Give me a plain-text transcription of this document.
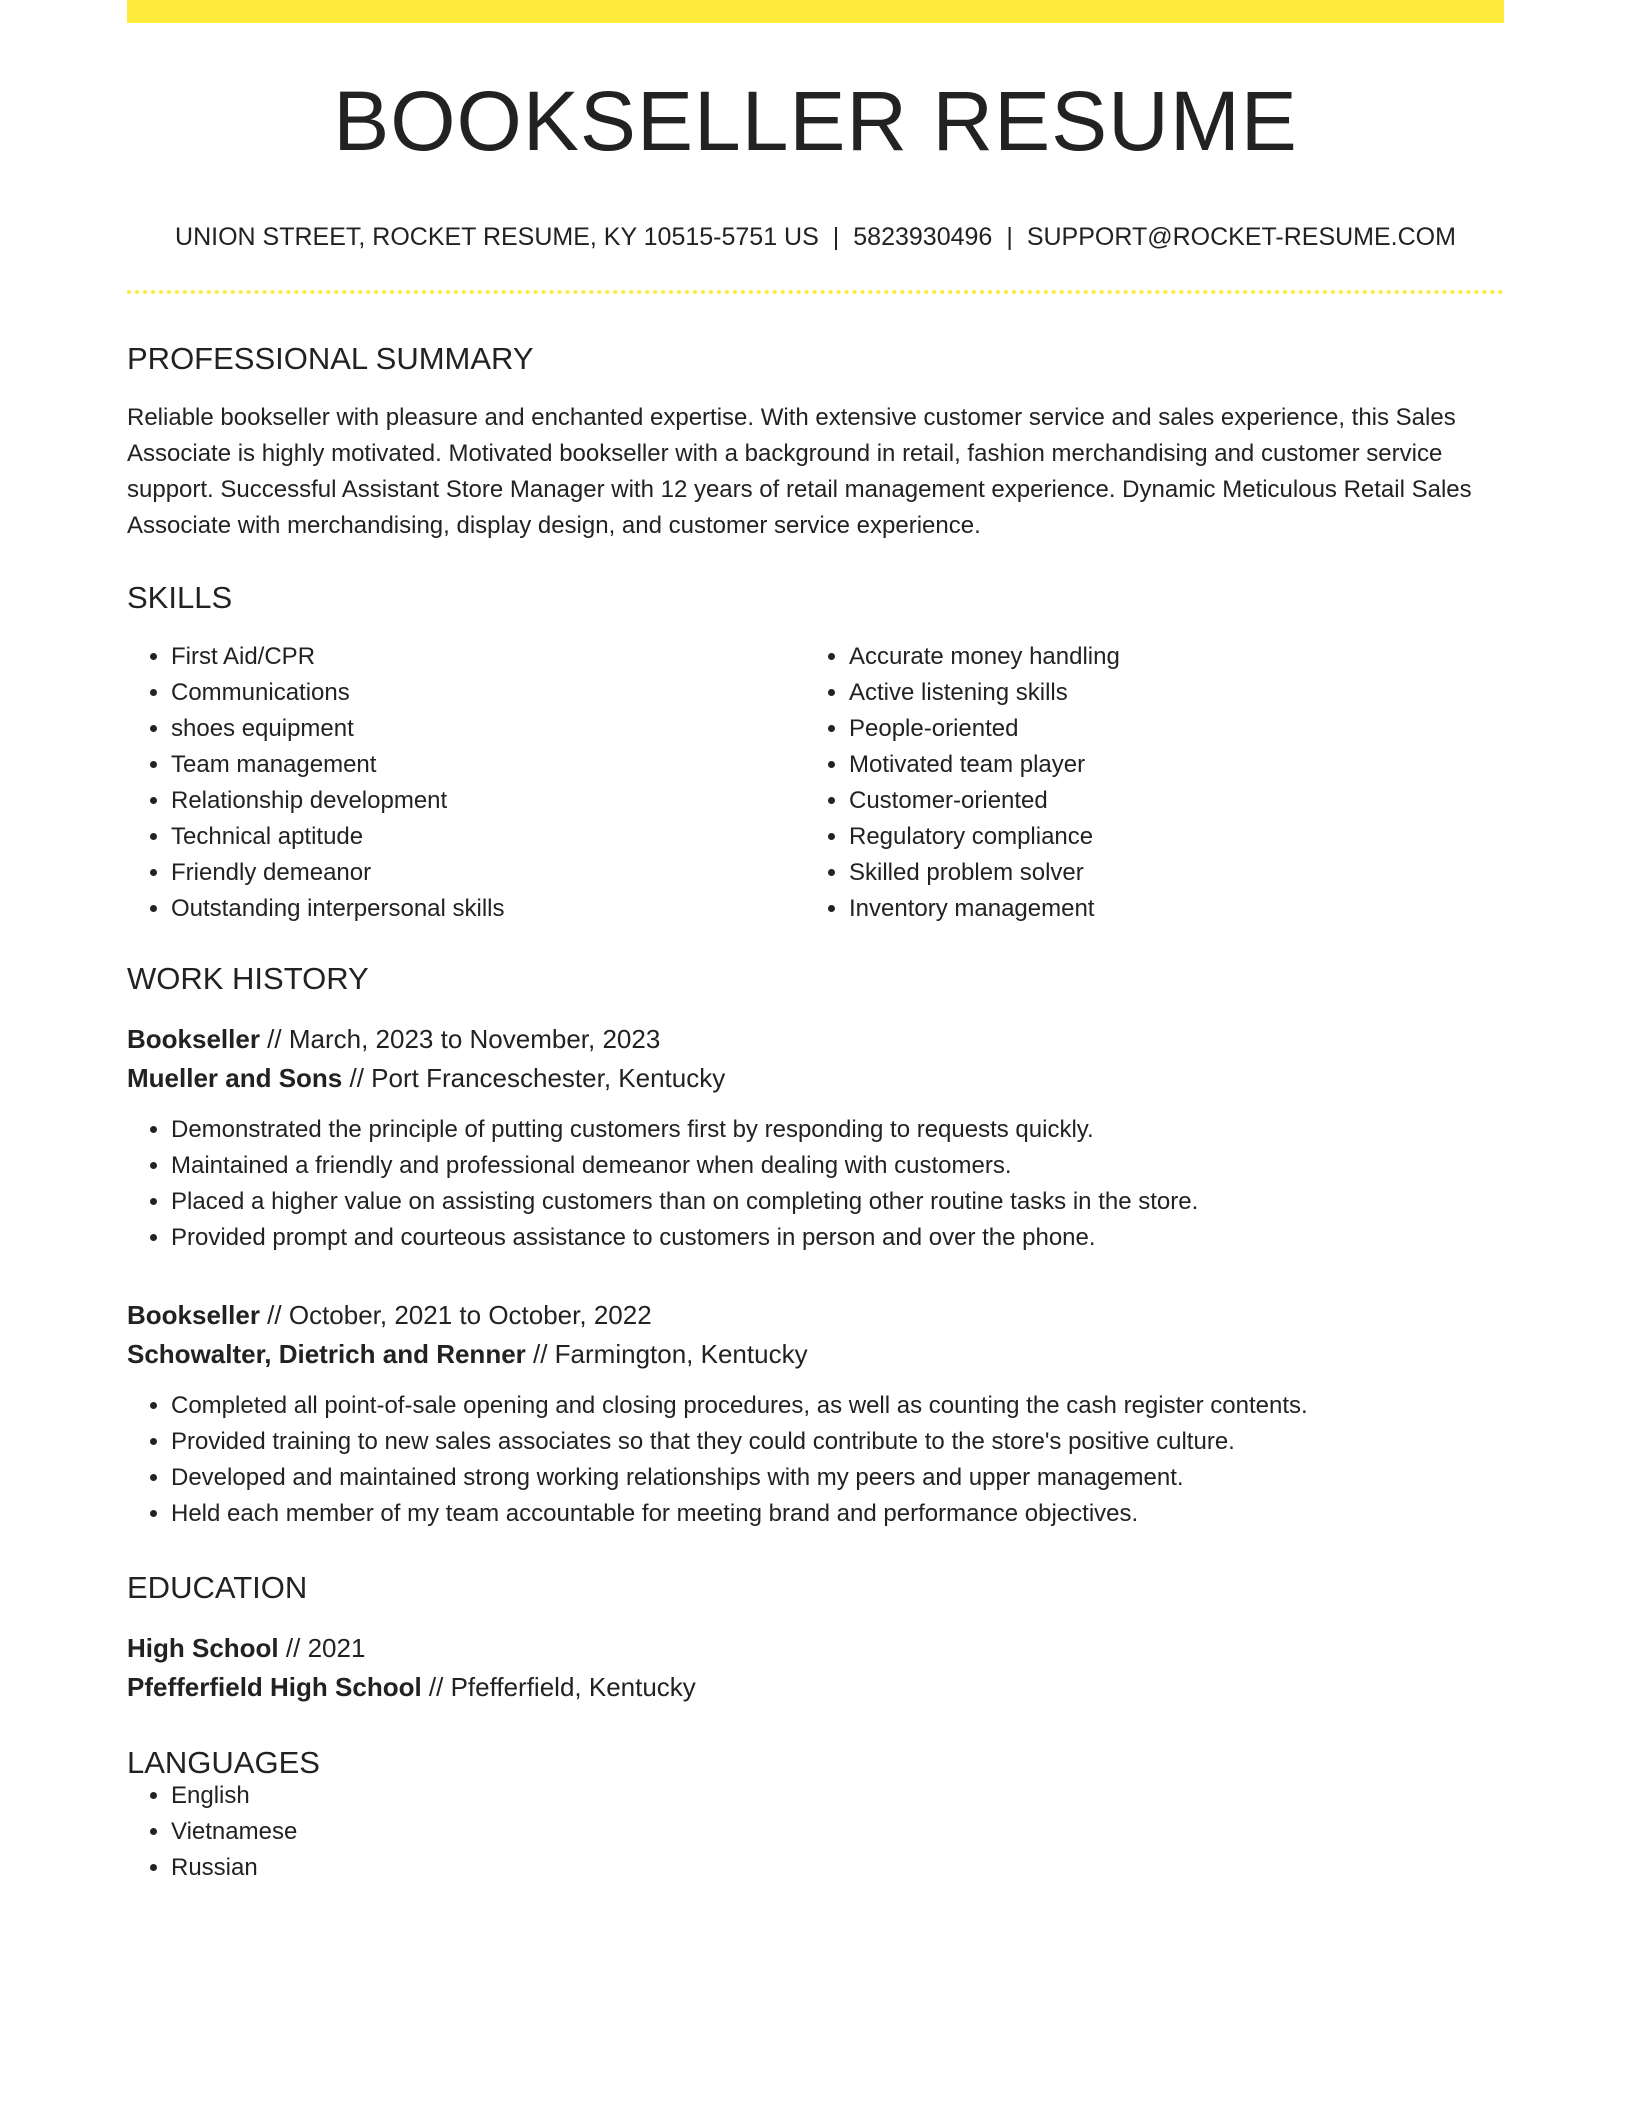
BOOKSELLER RESUME
UNION STREET, ROCKET RESUME, KY 10515-5751 US | 5823930496 | SUPPORT@ROCKET-RESUME.COM
PROFESSIONAL SUMMARY

Reliable bookseller with pleasure and enchanted expertise. With extensive customer service and sales experience, this Sales Associate is highly motivated. Motivated bookseller with a background in retail, fashion merchandising and customer service support. Successful Assistant Store Manager with 12 years of retail management experience. Dynamic Meticulous Retail Sales Associate with merchandising, display design, and customer service experience.

SKILLS
• First Aid/CPR
• Communications
• shoes equipment
• Team management
• Relationship development
• Technical aptitude
• Friendly demeanor
• Outstanding interpersonal skills
• Accurate money handling
• Active listening skills
• People-oriented
• Motivated team player
• Customer-oriented
• Regulatory compliance
• Skilled problem solver
• Inventory management
WORK HISTORY
Bookseller // March, 2023 to November, 2023
Mueller and Sons // Port Franceschester, Kentucky
• Demonstrated the principle of putting customers first by responding to requests quickly.
• Maintained a friendly and professional demeanor when dealing with customers.
• Placed a higher value on assisting customers than on completing other routine tasks in the store.
• Provided prompt and courteous assistance to customers in person and over the phone.
Bookseller // October, 2021 to October, 2022
Schowalter, Dietrich and Renner // Farmington, Kentucky
• Completed all point-of-sale opening and closing procedures, as well as counting the cash register contents.
• Provided training to new sales associates so that they could contribute to the store's positive culture.
• Developed and maintained strong working relationships with my peers and upper management.
• Held each member of my team accountable for meeting brand and performance objectives.
EDUCATION
High School // 2021
Pfefferfield High School // Pfefferfield, Kentucky
LANGUAGES
• English
• Vietnamese
• Russian
